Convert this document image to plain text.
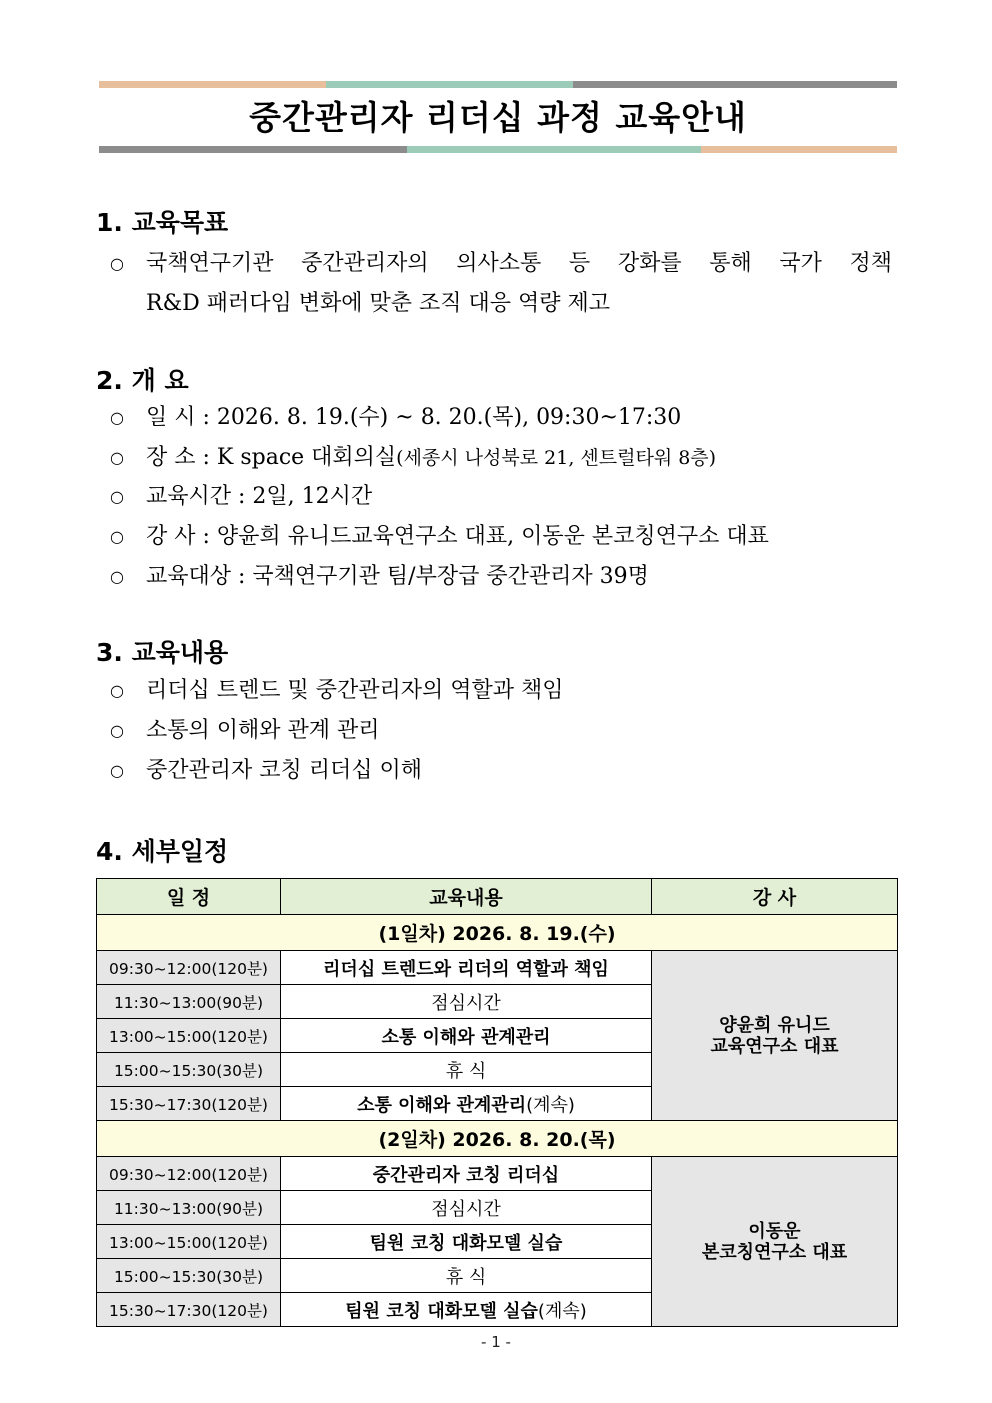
중간관리자 리더십 과정 교육안내
1. 교육목표
○ 국책연구기관 중간관리자의 의사소통 등 강화를 통해 국가 정책
R&D 패러다임 변화에 맞춘 조직 대응 역량 제고
2. 개 요
○ 일 시 : 2026. 8. 19.(수) ~ 8. 20.(목), 09:30~17:30
○ 장 소 : K space 대회의실(세종시 나성북로 21, 센트럴타워 8층)
○ 교육시간 : 2일, 12시간
○ 강 사 : 양윤희 유니드교육연구소 대표, 이동운 본코칭연구소 대표
○ 교육대상 : 국책연구기관 팀/부장급 중간관리자 39명
3. 교육내용
○ 리더십 트렌드 및 중간관리자의 역할과 책임
○ 소통의 이해와 관계 관리
○ 중간관리자 코칭 리더십 이해
4. 세부일정
일 정	교육내용	강 사
(1일차) 2026. 8. 19.(수)		
09:30~12:00(120분)	리더십 트렌드와 리더의 역할과 책임	양윤희 유니드
교육연구소 대표

11:30~13:00(90분)	점심시간	
13:00~15:00(120분)	소통 이해와 관계관리	
15:00~15:30(30분)	휴 식	
15:30~17:30(120분)	소통 이해와 관계관리(계속)	
(2일차) 2026. 8. 20.(목)		
09:30~12:00(120분)	중간관리자 코칭 리더십	이동운
본코칭연구소 대표

11:30~13:00(90분)	점심시간	
13:00~15:00(120분)	팀원 코칭 대화모델 실습	
15:00~15:30(30분)	휴 식	
15:30~17:30(120분)	팀원 코칭 대화모델 실습(계속)	
- 1 -
